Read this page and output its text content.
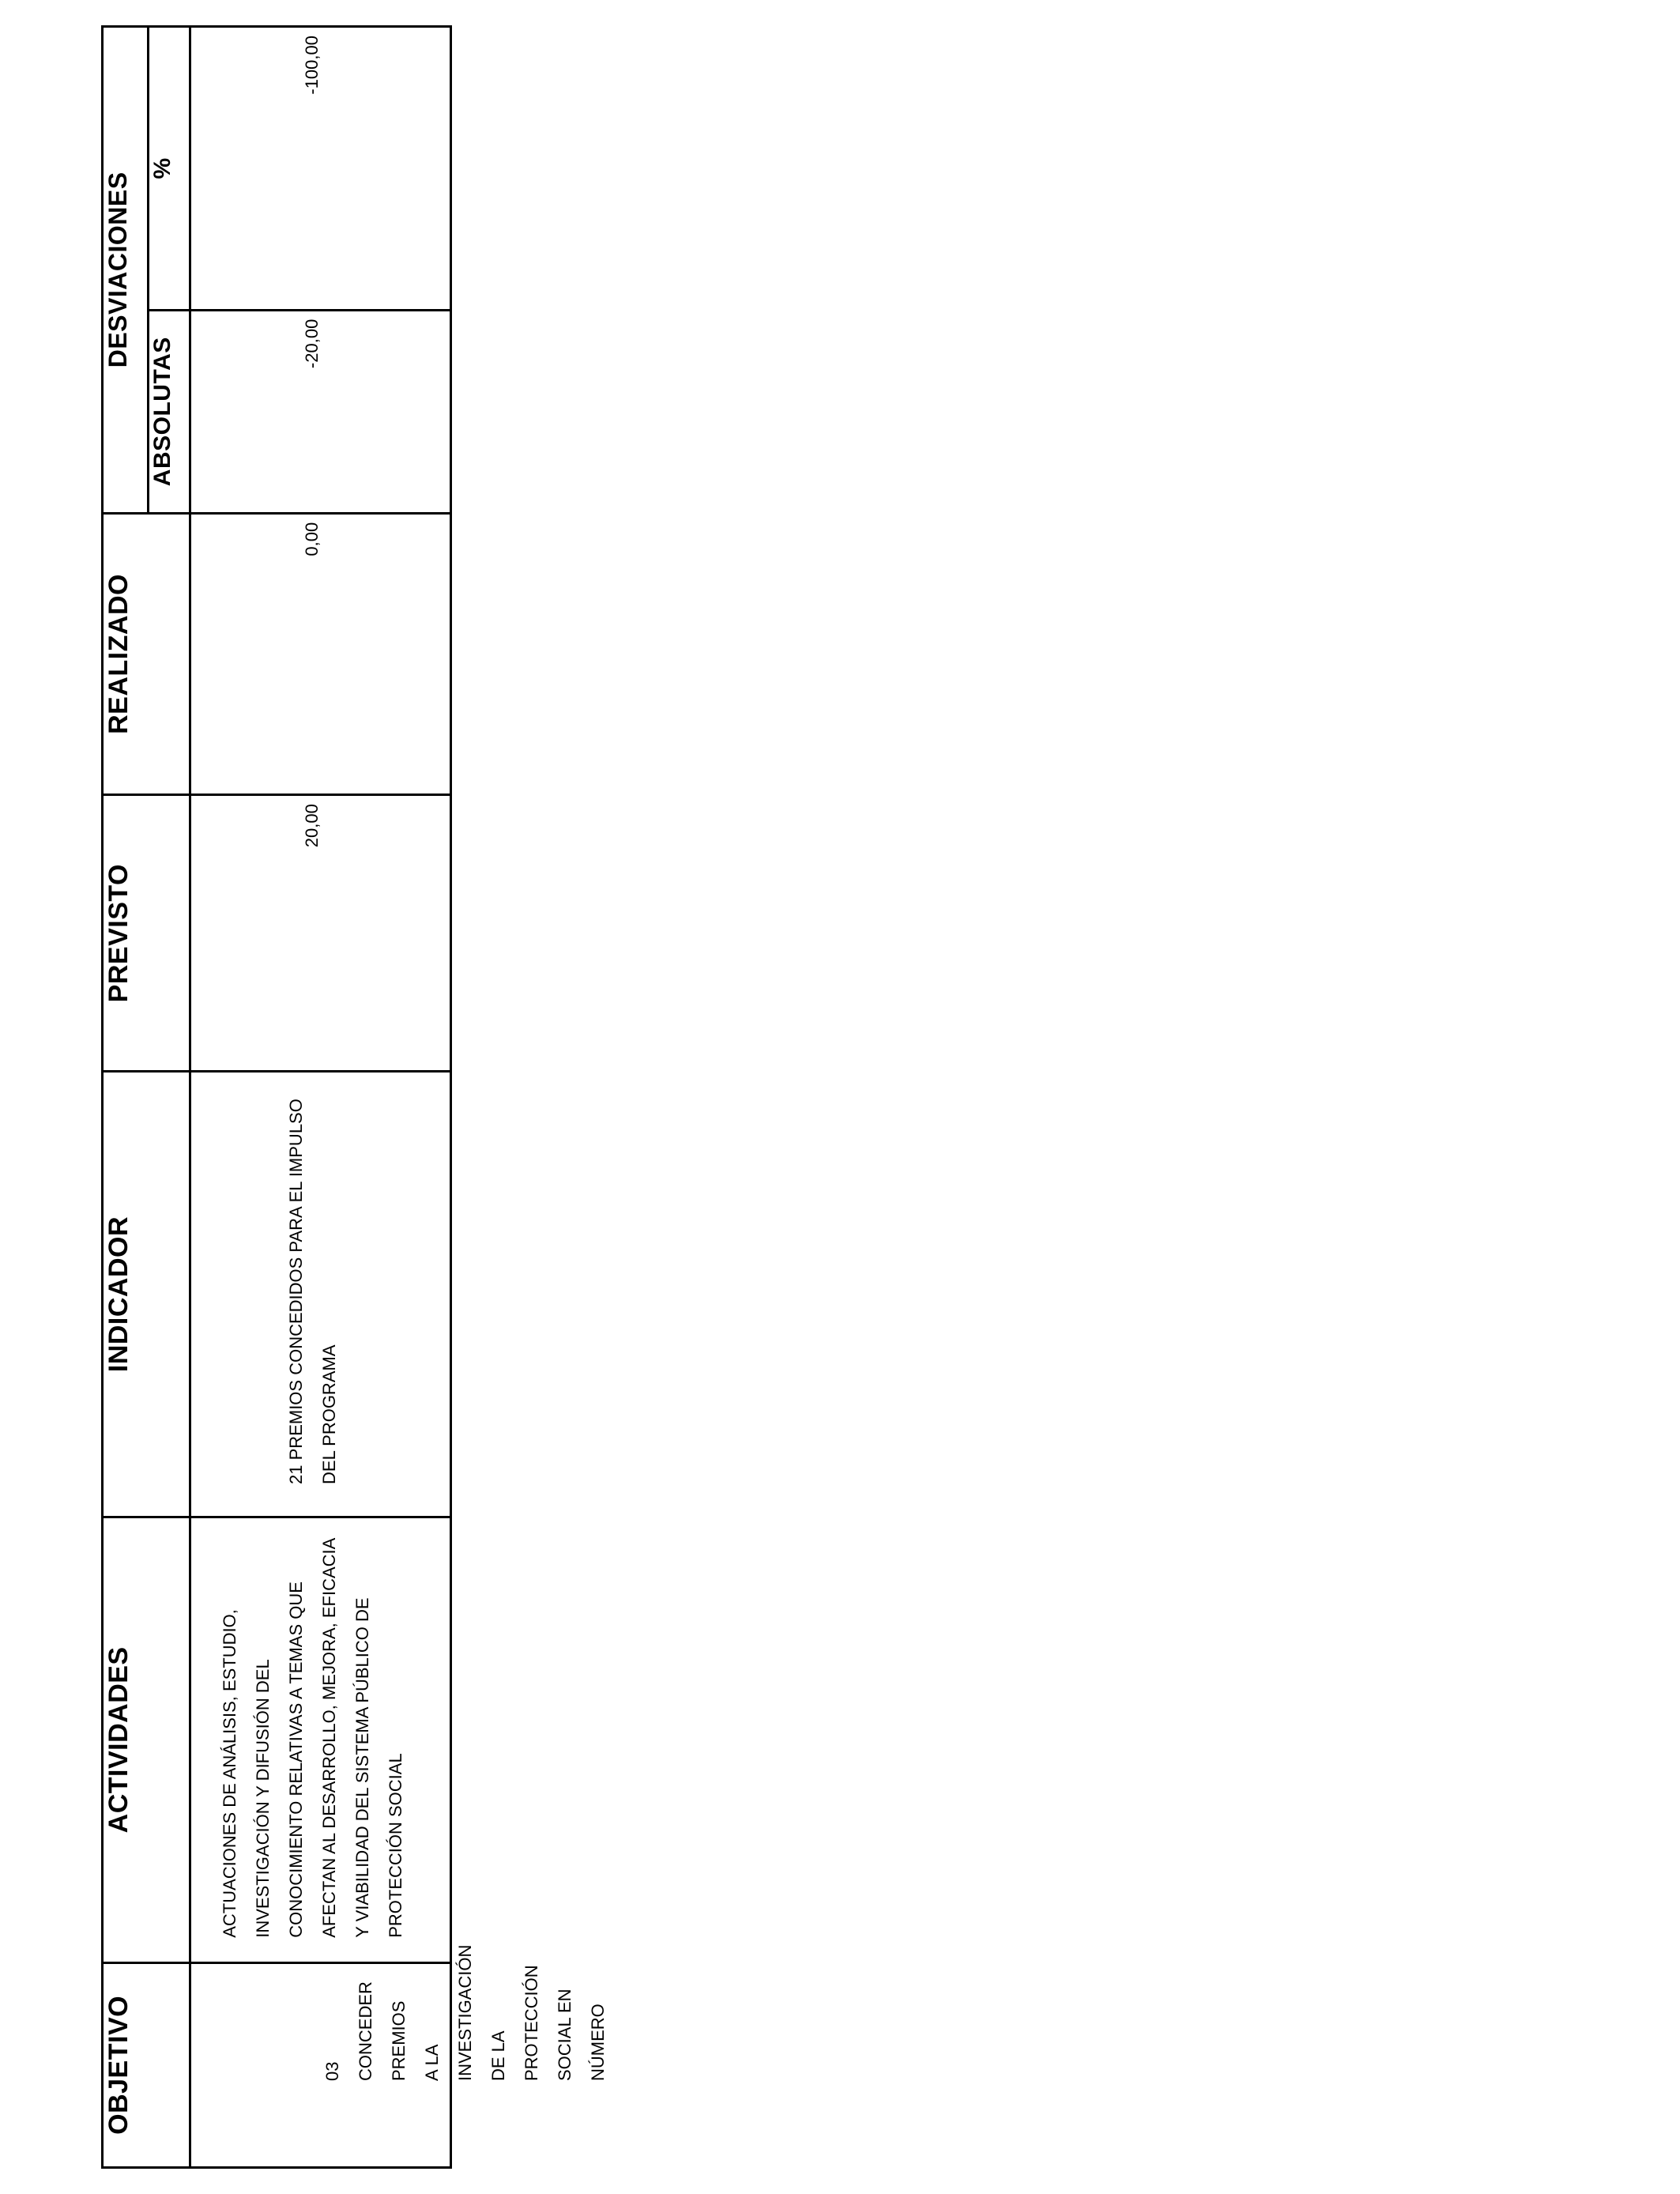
OBJETIVO	ACTIVIDADES	INDICADOR	PREVISTO	REALIZADO	DESVIACIONES	
					ABSOLUTAS	%

03 CONCEDER PREMIOS A LA INVESTIGACIÓN DE LA PROTECCIÓN SOCIAL EN NÚMERO	ACTUACIONES DE ANÁLISIS, ESTUDIO, INVESTIGACIÓN Y DIFUSIÓN DEL CONOCIMIENTO RELATIVAS A TEMAS QUE AFECTAN AL DESARROLLO, MEJORA, EFICACIA Y VIABILIDAD DEL SISTEMA PÚBLICO DE PROTECCIÓN SOCIAL	21 PREMIOS CONCEDIDOS PARA EL IMPULSO DEL PROGRAMA	20,00	0,00	-20,00	-100,00
